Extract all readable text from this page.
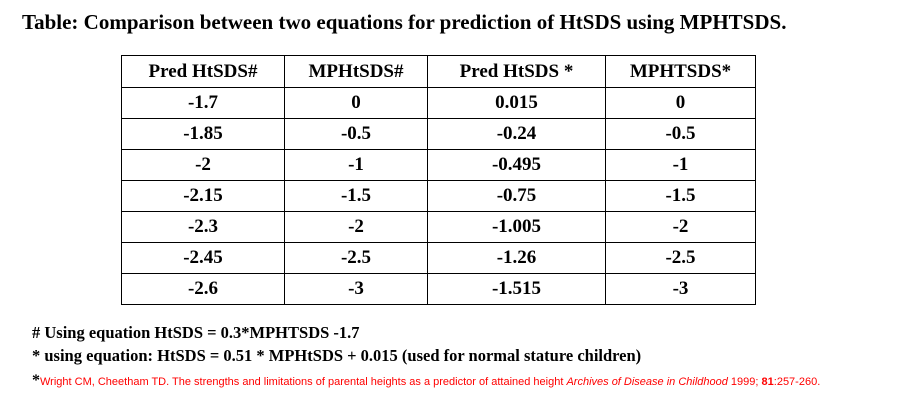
Table: Comparison between two equations for prediction of HtSDS using MPHTSDS.
Pred HtSDS#	MPHtSDS#	Pred HtSDS *	MPHTSDS*
-1.7	0	0.015	0
-1.85	-0.5	-0.24	-0.5
-2	-1	-0.495	-1
-2.15	-1.5	-0.75	-1.5
-2.3	-2	-1.005	-2
-2.45	-2.5	-1.26	-2.5
-2.6	-3	-1.515	-3
# Using equation HtSDS = 0.3*MPHTSDS -1.7
* using equation: HtSDS = 0.51 * MPHtSDS + 0.015 (used for normal stature children)
*Wright CM, Cheetham TD. The strengths and limitations of parental heights as a predictor of attained height Archives of Disease in Childhood 1999; 81:257-260.
